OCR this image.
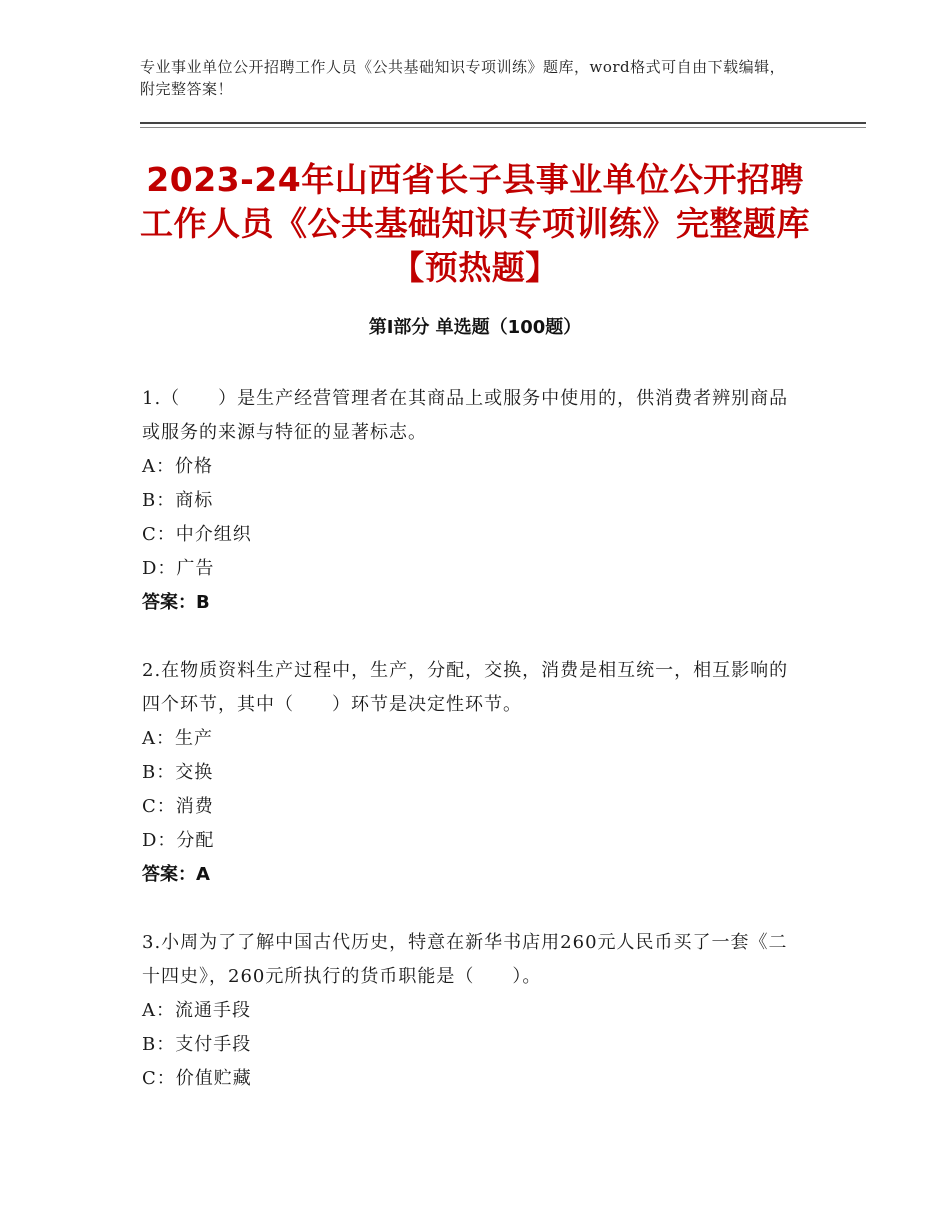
专业事业单位公开招聘工作人员《公共基础知识专项训练》题库，word格式可自由下载编辑，附完整答案！
2023-24年山西省长子县事业单位公开招聘工作人员《公共基础知识专项训练》完整题库【预热题】
第Ⅰ部分 单选题（100题）
1.（　　）是生产经营管理者在其商品上或服务中使用的，供消费者辨别商品或服务的来源与特征的显著标志。
A：价格
B：商标
C：中介组织
D：广告
答案：B
2.在物质资料生产过程中，生产，分配，交换，消费是相互统一，相互影响的四个环节，其中（　　）环节是决定性环节。
A：生产
B：交换
C：消费
D：分配
答案：A
3.小周为了了解中国古代历史，特意在新华书店用260元人民币买了一套《二十四史》，260元所执行的货币职能是（　　）。
A：流通手段
B：支付手段
C：价值贮藏
